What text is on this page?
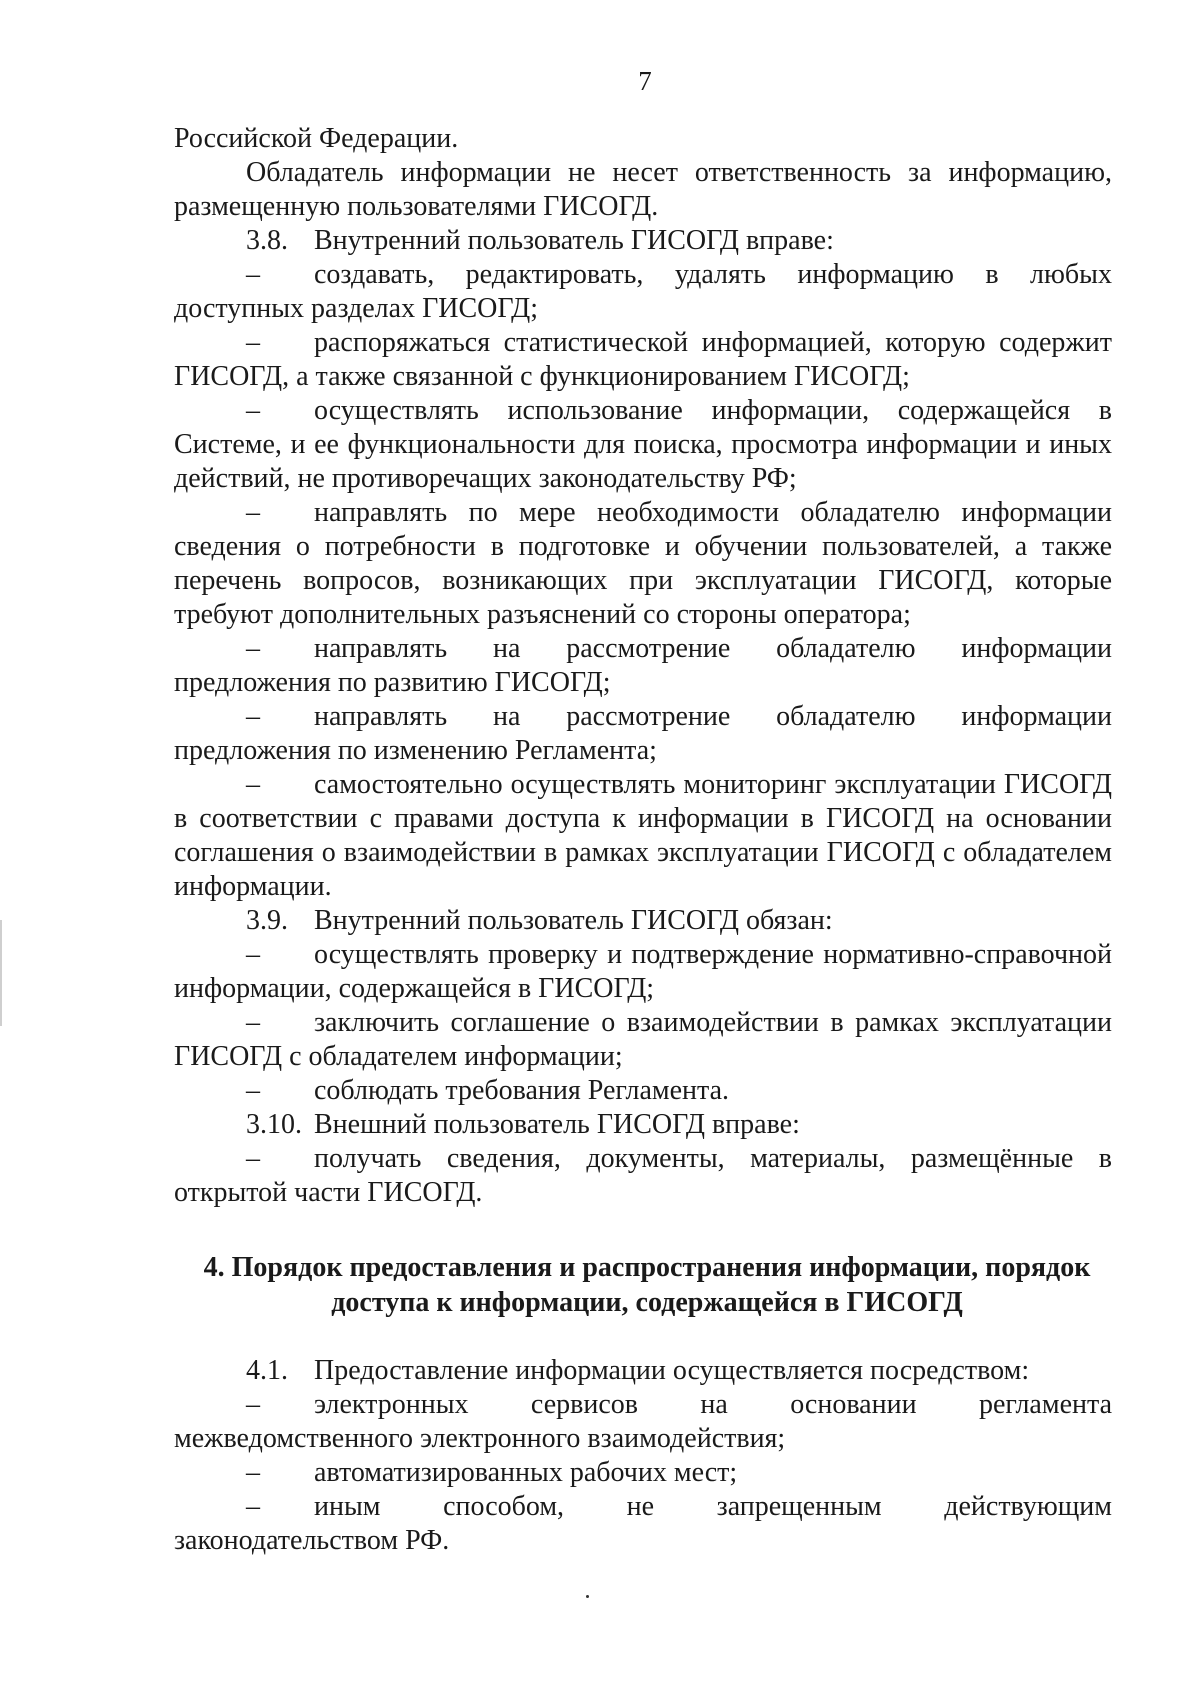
7

Российской Федерации.

Обладатель информации не несет ответственность за информацию, размещенную пользователями ГИСОГД.

3.8. Внутренний пользователь ГИСОГД вправе:

– создавать, редактировать, удалять информацию в любых доступных разделах ГИСОГД;

– распоряжаться статистической информацией, которую содержит ГИСОГД, а также связанной с функционированием ГИСОГД;

– осуществлять использование информации, содержащейся в Системе, и ее функциональности для поиска, просмотра информации и иных действий, не противоречащих законодательству РФ;

– направлять по мере необходимости обладателю информации сведения о потребности в подготовке и обучении пользователей, а также перечень вопросов, возникающих при эксплуатации ГИСОГД, которые требуют дополнительных разъяснений со стороны оператора;

– направлять на рассмотрение обладателю информации предложения по развитию ГИСОГД;

– направлять на рассмотрение обладателю информации предложения по изменению Регламента;

– самостоятельно осуществлять мониторинг эксплуатации ГИСОГД в соответствии с правами доступа к информации в ГИСОГД на основании соглашения о взаимодействии в рамках эксплуатации ГИСОГД с обладателем информации.

3.9. Внутренний пользователь ГИСОГД обязан:

– осуществлять проверку и подтверждение нормативно-справочной информации, содержащейся в ГИСОГД;

– заключить соглашение о взаимодействии в рамках эксплуатации ГИСОГД с обладателем информации;

– соблюдать требования Регламента.

3.10. Внешний пользователь ГИСОГД вправе:

– получать сведения, документы, материалы, размещённые в открытой части ГИСОГД.

4. Порядок предоставления и распространения информации, порядок
доступа к информации, содержащейся в ГИСОГД

4.1. Предоставление информации осуществляется посредством:

– электронных сервисов на основании регламента межведомственного электронного взаимодействия;

– автоматизированных рабочих мест;

– иным способом, не запрещенным действующим законодательством РФ.
